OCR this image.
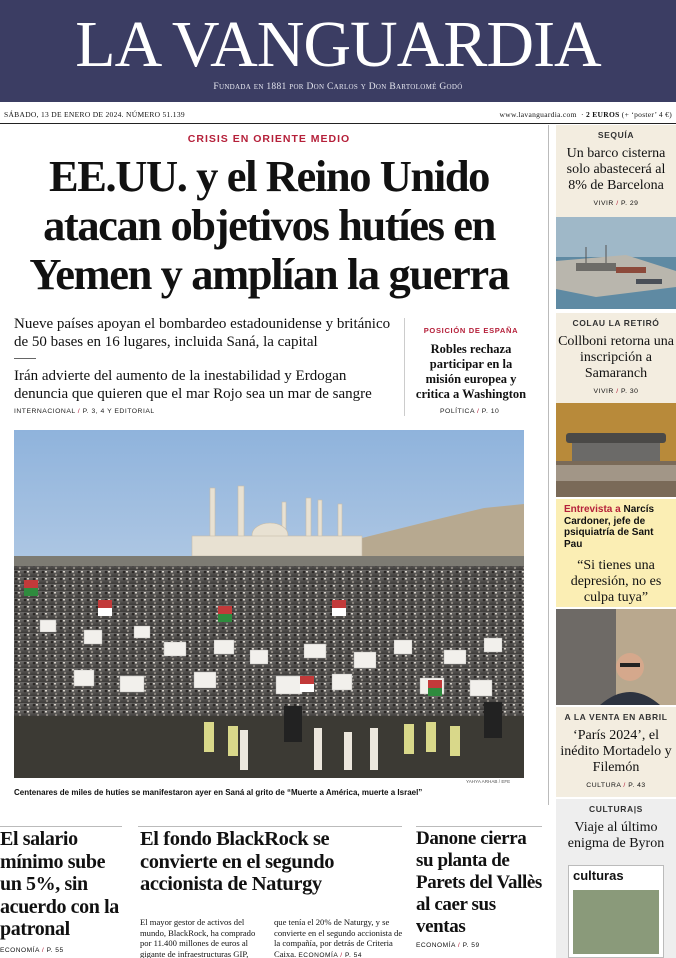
LA VANGUARDIA
Fundada en 1881 por Don Carlos y Don Bartolomé Godó
SÁBADO, 13 DE ENERO DE 2024. NÚMERO 51.139	www.lavanguardia.com  · 2 EUROS (+ ‘poster’ 4 €)
CRISIS EN ORIENTE MEDIO
EE.UU. y el Reino Unido atacan objetivos hutíes en Yemen y amplían la guerra
Nueve países apoyan el bombardeo estadounidense y británico de 50 bases en 16 lugares, incluida Saná, la capital
Irán advierte del aumento de la inestabilidad y Erdogan denuncia que quieren que el mar Rojo sea un mar de sangre
INTERNACIONAL / P. 3, 4 Y EDITORIAL
POSICIÓN DE ESPAÑA
Robles rechaza participar en la misión europea y critica a Washington
POLÍTICA / P. 10
YAHYA ARHAB / EFE
Centenares de miles de hutíes se manifestaron ayer en Saná al grito de “Muerte a América, muerte a Israel”
SEQUÍA
Un barco cisterna solo abastecerá al 8% de Barcelona
VIVIR / P. 29
COLAU LA RETIRÓ
Collboni retorna una inscripción a Samaranch
VIVIR / P. 30
Entrevista a Narcís Cardoner, jefe de psiquiatría de Sant Pau
“Si tienes una depresión, no es culpa tuya”
A LA VENTA EN ABRIL
‘París 2024’, el inédito Mortadelo y Filemón
CULTURA / P. 43
CULTURA|S
Viaje al último enigma de Byron
culturas
El salario mínimo sube un 5%, sin acuerdo con la patronal
ECONOMÍA / P. 55
El fondo BlackRock se convierte en el segundo accionista de Naturgy
El mayor gestor de activos del mundo, BlackRock, ha comprado por 11.400 millones de euros al gigante de infraestructuras GIP,
que tenía el 20% de Naturgy, y se convierte en el segundo accionista de la compañía, por detrás de Criteria Caixa. ECONOMÍA / P. 54
Danone cierra su planta de Parets del Vallès al caer sus ventas
ECONOMÍA / P. 59
